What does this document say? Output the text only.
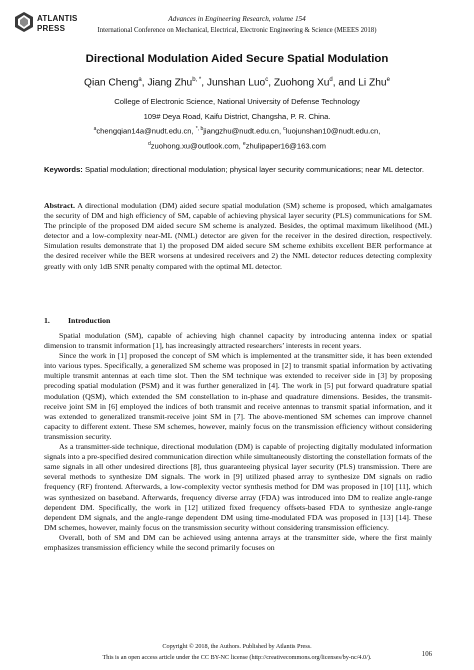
ATLANTIS
PRESS
Advances in Engineering Research, volume 154
International Conference on Mechanical, Electrical, Electronic Engineering & Science (MEEES 2018)
Directional Modulation Aided Secure Spatial Modulation
Qian Cheng$^a$, Jiang Zhu$^{b, *}$, Junshan Luo$^c$, Zuohong Xu$^d$, and Li Zhu$^e$
College of Electronic Science, National University of Defense Technology
109# Deya Road, Kaifu District, Changsha, P. R. China.
$^a$chengqian14a@nudt.edu.cn, $^{*, b}$jiangzhu@nudt.edu.cn, $^c$luojunshan10@nudt.edu.cn,
$^d$zuohong.xu@outlook.com, $^e$zhulipaper16@163.com
Keywords: Spatial modulation; directional modulation; physical layer security communications; near ML detector.
Abstract. A directional modulation (DM) aided secure spatial modulation (SM) scheme is proposed, which amalgamates the security of DM and high efficiency of SM, capable of achieving physical layer security (PLS) communications for SM. The principle of the proposed DM aided secure SM scheme is analyzed. Besides, the optimal maximum likelihood (ML) detector and a low-complexity near-ML (NML) detector are given for the receiver in the desired direction, respectively. Simulation results demonstrate that 1) the proposed DM aided secure SM scheme exhibits excellent BER performance at the desired receiver while the BER worsens at undesired receivers and 2) the NML detector reduces detecting complexity greatly with only 1dB SNR penalty compared with the optimal ML detector.
1. Introduction

Spatial modulation (SM), capable of achieving high channel capacity by introducing antenna index or spatial dimension to transmit information [1], has increasingly attracted researchers’ interests in recent years.

Since the work in [1] proposed the concept of SM which is implemented at the transmitter side, it has been extended into various types. Specifically, a generalized SM scheme was proposed in [2] to transmit spatial information by activating multiple transmit antennas at each time slot. Then the SM technique was extended to receiver side in [3] by proposing precoding spatial modulation (PSM) and it was further generalized in [4]. The work in [5] put forward quadrature spatial modulation (QSM), which extended the SM constellation to in-phase and quadrature dimensions. Besides, the transmit-receive joint SM in [6] employed the indices of both transmit and receive antennas to transmit spatial information, and it was extended to generalized transmit-receive joint SM in [7]. The above-mentioned SM schemes can improve channel capacity to different extent. These SM schemes, however, mainly focus on the transmission efficiency without considering transmission security.

As a transmitter-side technique, directional modulation (DM) is capable of projecting digitally modulated information signals into a pre-specified desired communication direction while simultaneously distorting the constellation formats of the same signals in all other undesired directions [8], thus guaranteeing physical layer security (PLS) transmission. There are several methods to synthesize DM signals. The work in [9] utilized phased array to synthesize DM signals on radio frequency (RF) frontend. Afterwards, a low-complexity vector synthesis method for DM was proposed in [10] [11], which was synthesized on baseband. Afterwards, frequency diverse array (FDA) was introduced into DM to realize angle-range dependent DM. Specifically, the work in [12] utilized fixed frequency offsets-based FDA to synthesize angle-range dependent DM signals, and the angle-range dependent DM using time-modulated FDA was proposed in [13] [14]. These DM schemes, however, mainly focus on the transmission security without considering transmission efficiency.

Overall, both of SM and DM can be achieved using antenna arrays at the transmitter side, where the first mainly emphasizes transmission efficiency while the second primarily focuses on

Copyright © 2018, the Authors. Published by Atlantis Press.
This is an open access article under the CC BY-NC license (http://creativecommons.org/licenses/by-nc/4.0/).	106
